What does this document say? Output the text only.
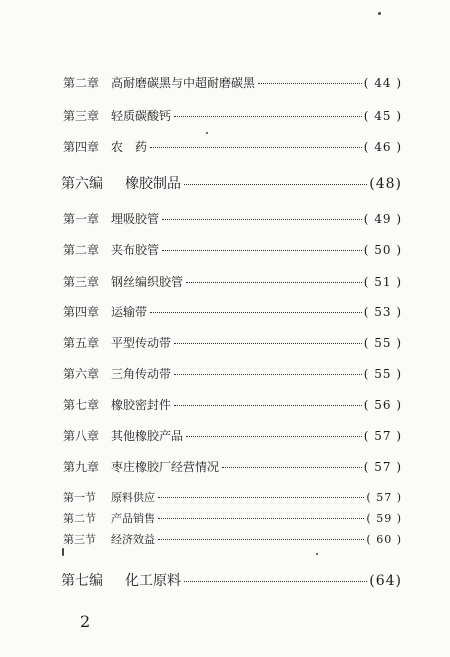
第二章 高耐磨碳黑与中超耐磨碳黑	( 44 )
第三章 轻质碳酸钙	( 45 )
第四章 农　药	( 46 )
第六编	橡胶制品	(48)
第一章 埋吸胶管	( 49 )
第二章 夹布胶管	( 50 )
第三章 钢丝编织胶管	( 51 )
第四章 运输带	( 53 )
第五章 平型传动带	( 55 )
第六章 三角传动带	( 55 )
第七章 橡胶密封件	( 56 )
第八章 其他橡胶产品	( 57 )
第九章 枣庄橡胶厂经营情况	( 57 )
第一节	原料供应	( 57 )
第二节	产品销售	( 59 )
第三节	经济效益	( 60 )
第七编	化工原料	(64)
2
